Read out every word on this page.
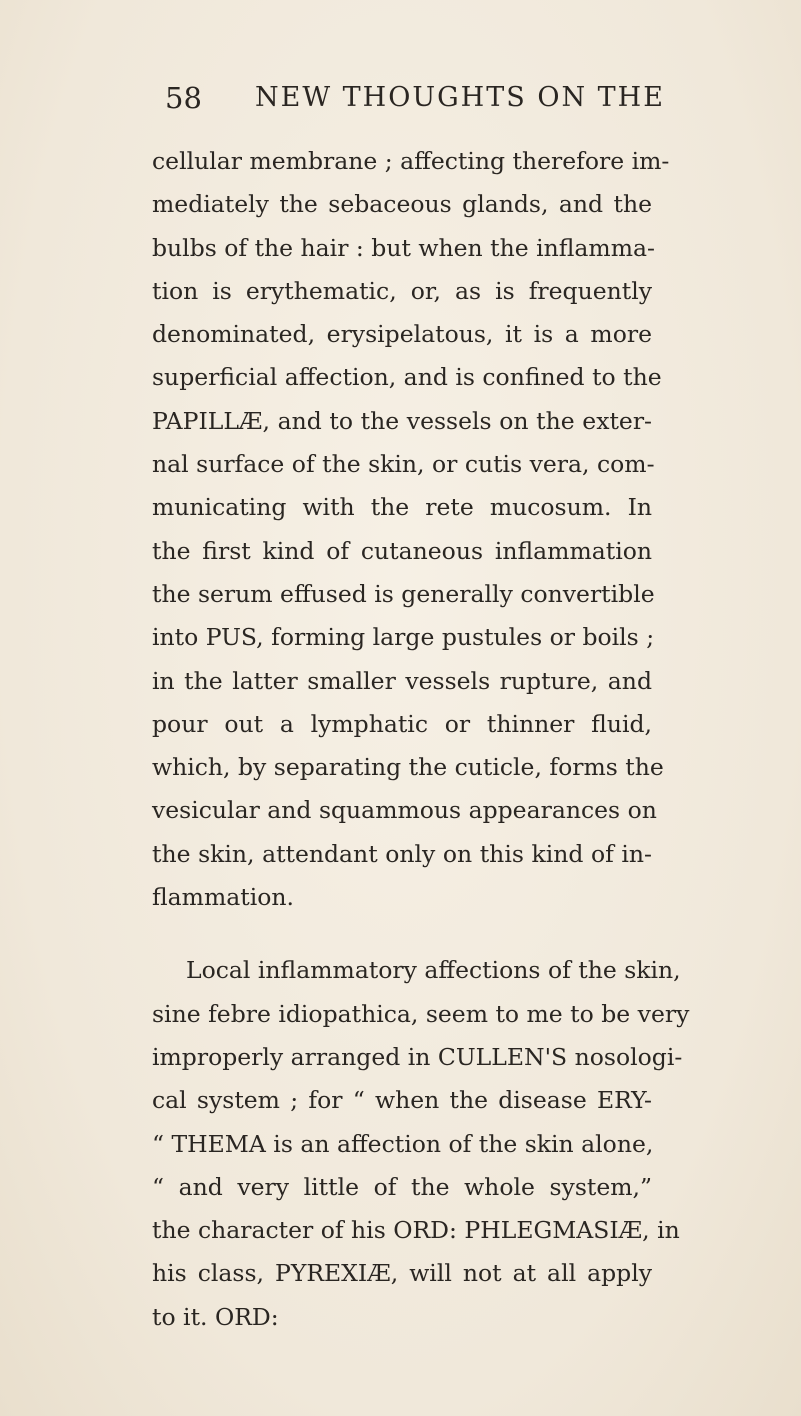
58 NEW THOUGHTS ON THE

cellular membrane ; affecting therefore im-
mediately the sebaceous glands, and the
bulbs of the hair : but when the inflamma-
tion is erythematic, or, as is frequently
denominated, erysipelatous, it is a more
superficial affection, and is confined to the
PAPILLÆ, and to the vessels on the exter-
nal surface of the skin, or cutis vera, com-
municating with the rete mucosum. In
the first kind of cutaneous inflammation
the serum effused is generally convertible
into PUS, forming large pustules or boils ;
in the latter smaller vessels rupture, and
pour out a lymphatic or thinner fluid,
which, by separating the cuticle, forms the
vesicular and squammous appearances on
the skin, attendant only on this kind of in-
flammation.

Local inflammatory affections of the skin,
sine febre idiopathica, seem to me to be very
improperly arranged in CULLEN'S nosologi-
cal system ; for “ when the disease ERY-
“ THEMA is an affection of the skin alone,
“ and very little of the whole system,”
the character of his ORD: PHLEGMASIÆ, in
his class, PYREXIÆ, will not at all apply
to it. ORD:
